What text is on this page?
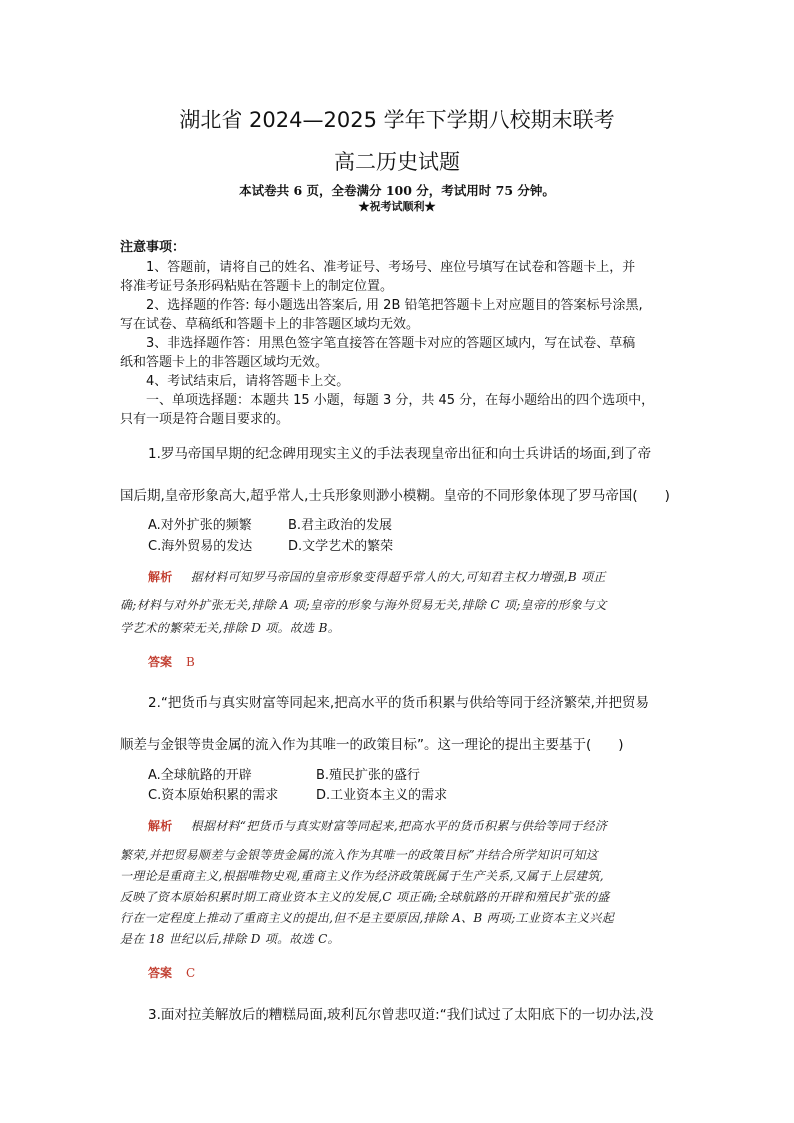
湖北省 2024—2025 学年下学期八校期末联考
高二历史试题
本试卷共 6 页，全卷满分 100 分，考试用时 75 分钟。
★祝考试顺利★
注意事项：
1、答题前，请将自己的姓名、准考证号、考场号、座位号填写在试卷和答题卡上，并
将准考证号条形码粘贴在答题卡上的制定位置。
2、选择题的作答: 每小题选出答案后, 用 2B 铅笔把答题卡上对应题目的答案标号涂黑,
写在试卷、草稿纸和答题卡上的非答题区域均无效。
3、非选择题作答：用黑色签字笔直接答在答题卡对应的答题区域内，写在试卷、草稿
纸和答题卡上的非答题区域均无效。
4、考试结束后，请将答题卡上交。
一、单项选择题：本题共 15 小题，每题 3 分，共 45 分，在每小题给出的四个选项中，
只有一项是符合题目要求的。
1.罗马帝国早期的纪念碑用现实主义的手法表现皇帝出征和向士兵讲话的场面,到了帝
国后期,皇帝形象高大,超乎常人,士兵形象则渺小模糊。皇帝的不同形象体现了罗马帝国(　　)
A.对外扩张的频繁	B.君主政治的发展
C.海外贸易的发达	D.文学艺术的繁荣
解析 据材料可知罗马帝国的皇帝形象变得超乎常人的大,可知君主权力增强,B 项正
确;材料与对外扩张无关,排除 A 项;皇帝的形象与海外贸易无关,排除 C 项;皇帝的形象与文
学艺术的繁荣无关,排除 D 项。故选 B。
答案 B
2.“把货币与真实财富等同起来,把高水平的货币积累与供给等同于经济繁荣,并把贸易
顺差与金银等贵金属的流入作为其唯一的政策目标”。这一理论的提出主要基于(　　)
A.全球航路的开辟	B.殖民扩张的盛行
C.资本原始积累的需求	D.工业资本主义的需求
解析 根据材料“把货币与真实财富等同起来,把高水平的货币积累与供给等同于经济
繁荣,并把贸易顺差与金银等贵金属的流入作为其唯一的政策目标”并结合所学知识可知这
一理论是重商主义,根据唯物史观,重商主义作为经济政策既属于生产关系,又属于上层建筑,
反映了资本原始积累时期工商业资本主义的发展,C 项正确;全球航路的开辟和殖民扩张的盛
行在一定程度上推动了重商主义的提出,但不是主要原因,排除 A、B 两项;工业资本主义兴起
是在 18 世纪以后,排除 D 项。故选 C。
答案 C
3.面对拉美解放后的糟糕局面,玻利瓦尔曾悲叹道:“我们试过了太阳底下的一切办法,没
